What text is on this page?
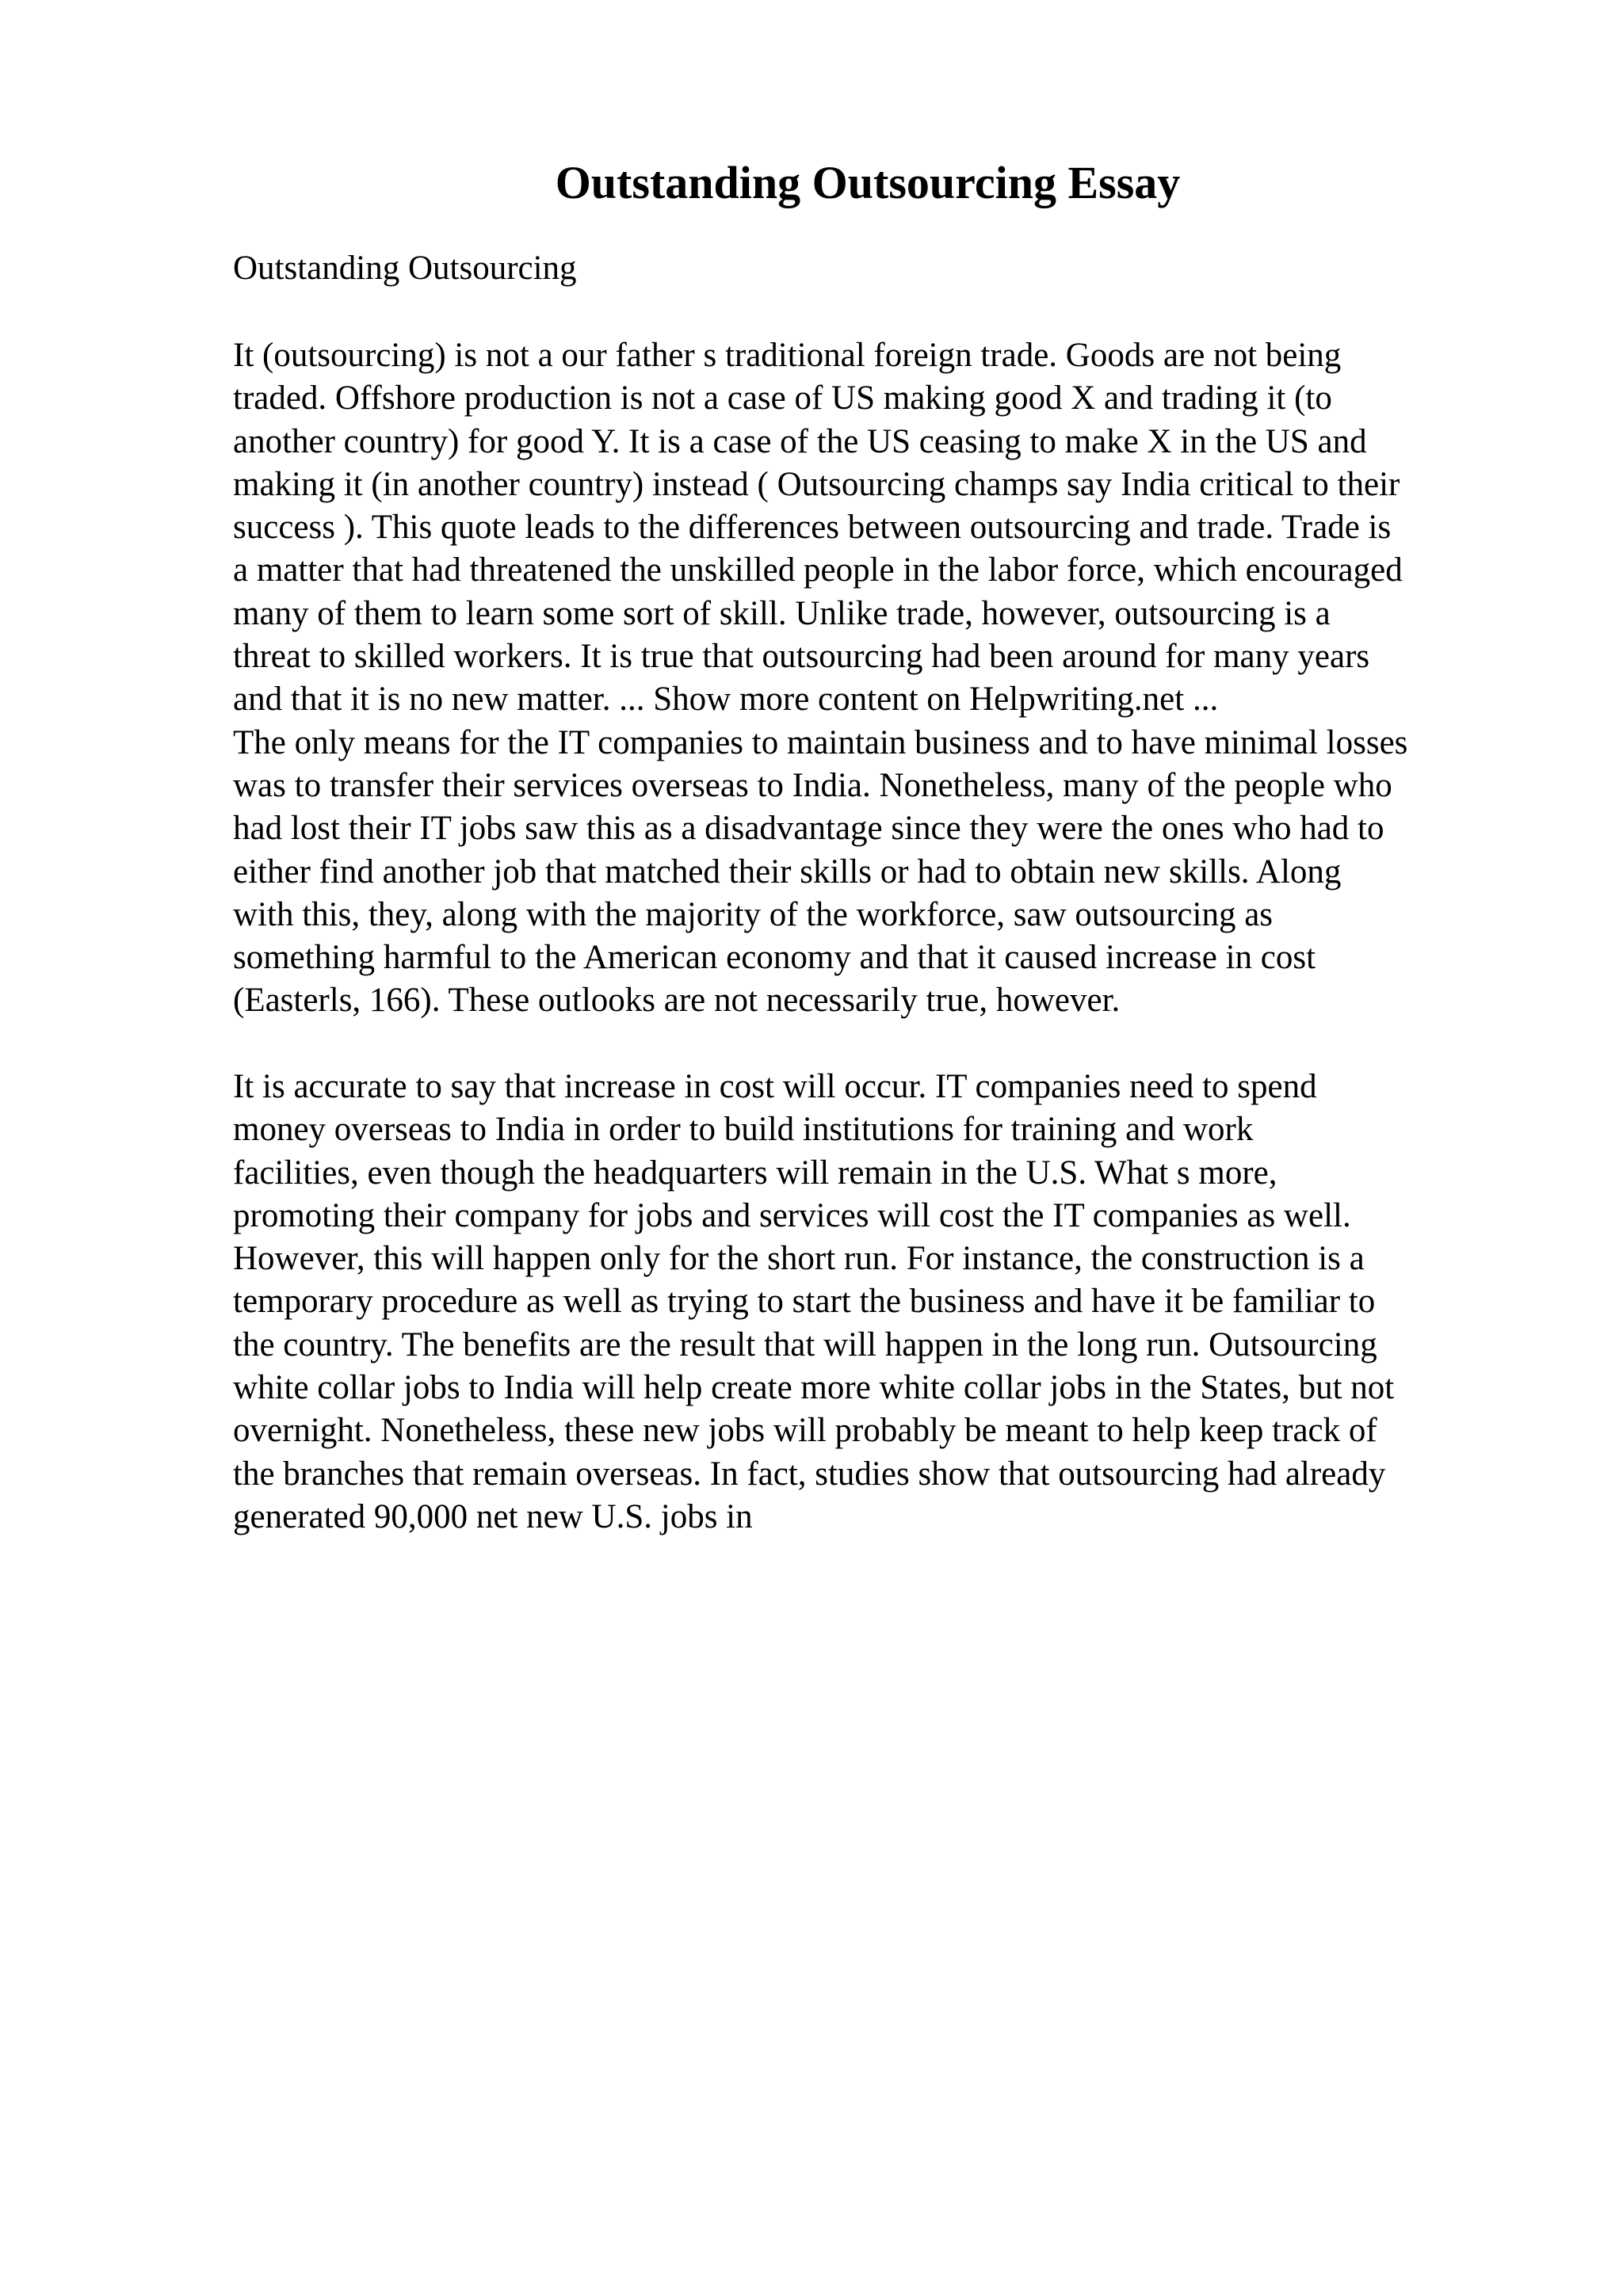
Outstanding Outsourcing Essay

Outstanding Outsourcing

It (outsourcing) is not a our father s traditional foreign trade. Goods are not being
traded. Offshore production is not a case of US making good X and trading it (to
another country) for good Y. It is a case of the US ceasing to make X in the US and
making it (in another country) instead ( Outsourcing champs say India critical to their
success ). This quote leads to the differences between outsourcing and trade. Trade is
a matter that had threatened the unskilled people in the labor force, which encouraged
many of them to learn some sort of skill. Unlike trade, however, outsourcing is a
threat to skilled workers. It is true that outsourcing had been around for many years
and that it is no new matter. ... Show more content on Helpwriting.net ...
The only means for the IT companies to maintain business and to have minimal losses
was to transfer their services overseas to India. Nonetheless, many of the people who
had lost their IT jobs saw this as a disadvantage since they were the ones who had to
either find another job that matched their skills or had to obtain new skills. Along
with this, they, along with the majority of the workforce, saw outsourcing as
something harmful to the American economy and that it caused increase in cost
(Easterls, 166). These outlooks are not necessarily true, however.
It is accurate to say that increase in cost will occur. IT companies need to spend
money overseas to India in order to build institutions for training and work
facilities, even though the headquarters will remain in the U.S. What s more,
promoting their company for jobs and services will cost the IT companies as well.
However, this will happen only for the short run. For instance, the construction is a
temporary procedure as well as trying to start the business and have it be familiar to
the country. The benefits are the result that will happen in the long run. Outsourcing
white collar jobs to India will help create more white collar jobs in the States, but not
overnight. Nonetheless, these new jobs will probably be meant to help keep track of
the branches that remain overseas. In fact, studies show that outsourcing had already
generated 90,000 net new U.S. jobs in
